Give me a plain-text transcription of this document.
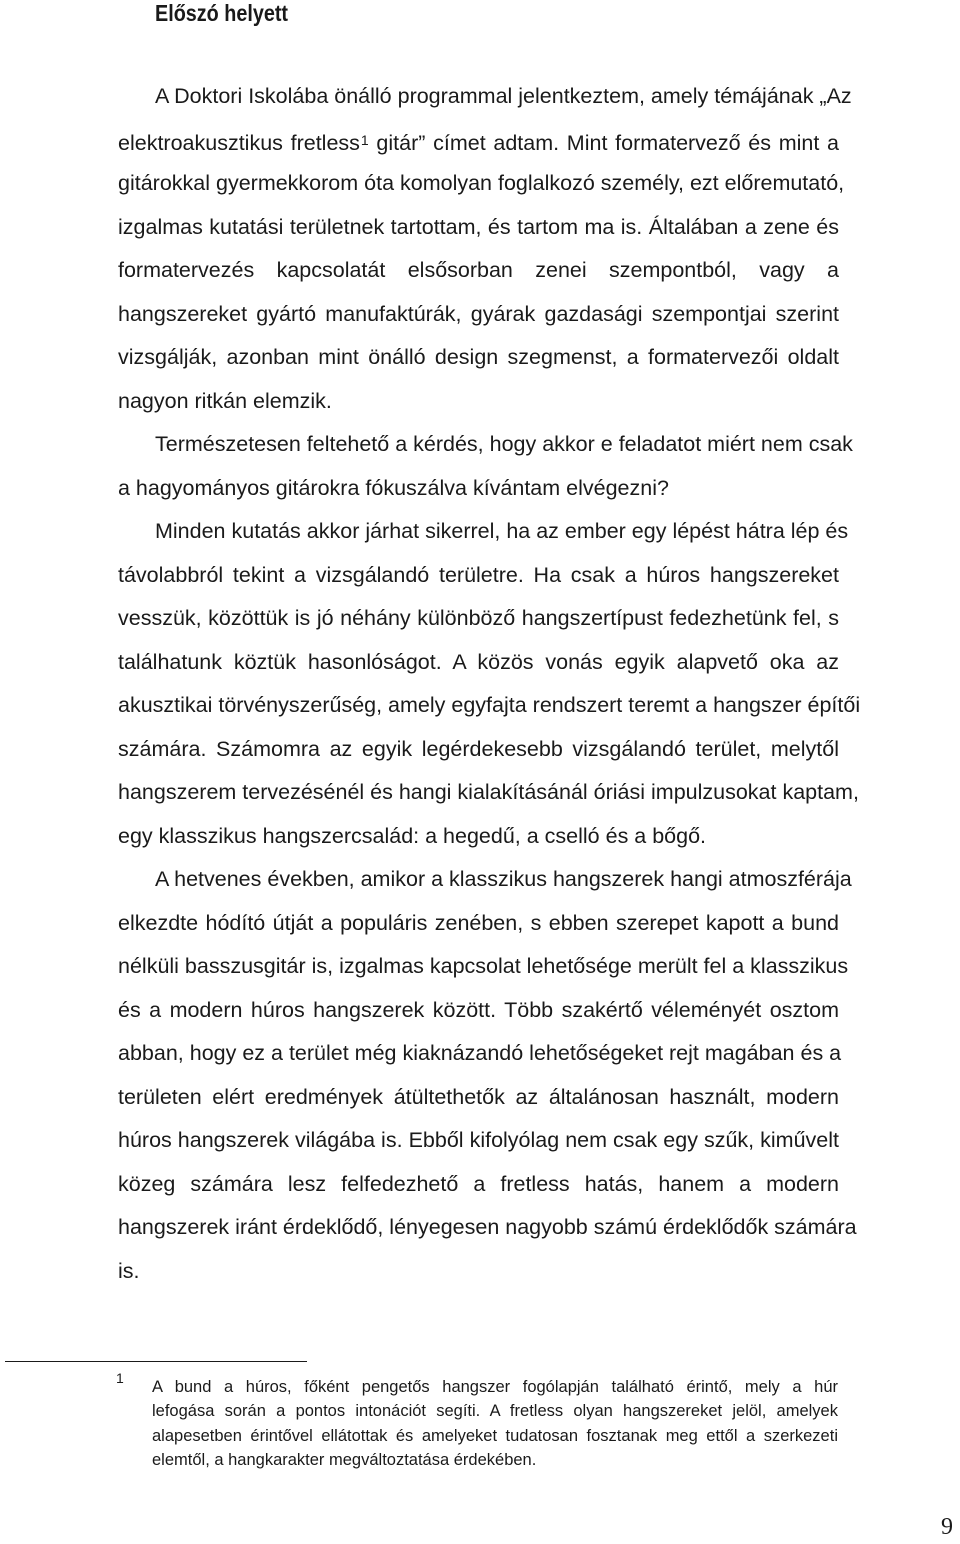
Előszó helyett
A Doktori Iskolába önálló programmal jelentkeztem, amely témájának „Az
elektroakusztikus fretless$^1$ gitár” címet adtam. Mint formatervező és mint a
gitárokkal gyermekkorom óta komolyan foglalkozó személy, ezt előremutató,
izgalmas kutatási területnek tartottam, és tartom ma is. Általában a zene és
formatervezés kapcsolatát elsősorban zenei szempontból, vagy a
hangszereket gyártó manufaktúrák, gyárak gazdasági szempontjai szerint
vizsgálják, azonban mint önálló design szegmenst, a formatervezői oldalt
nagyon ritkán elemzik.
Természetesen feltehető a kérdés, hogy akkor e feladatot miért nem csak
a hagyományos gitárokra fókuszálva kívántam elvégezni?
Minden kutatás akkor járhat sikerrel, ha az ember egy lépést hátra lép és
távolabbról tekint a vizsgálandó területre. Ha csak a húros hangszereket
vesszük, közöttük is jó néhány különböző hangszertípust fedezhetünk fel, s
találhatunk köztük hasonlóságot. A közös vonás egyik alapvető oka az
akusztikai törvényszerűség, amely egyfajta rendszert teremt a hangszer építői
számára. Számomra az egyik legérdekesebb vizsgálandó terület, melytől
hangszerem tervezésénél és hangi kialakításánál óriási impulzusokat kaptam,
egy klasszikus hangszercsalád: a hegedű, a cselló és a bőgő.
A hetvenes években, amikor a klasszikus hangszerek hangi atmoszférája
elkezdte hódító útját a populáris zenében, s ebben szerepet kapott a bund
nélküli basszusgitár is, izgalmas kapcsolat lehetősége merült fel a klasszikus
és a modern húros hangszerek között. Több szakértő véleményét osztom
abban, hogy ez a terület még kiaknázandó lehetőségeket rejt magában és a
területen elért eredmények átültethetők az általánosan használt, modern
húros hangszerek világába is. Ebből kifolyólag nem csak egy szűk, kiművelt
közeg számára lesz felfedezhető a fretless hatás, hanem a modern
hangszerek iránt érdeklődő, lényegesen nagyobb számú érdeklődők számára
is.
1 A bund a húros, főként pengetős hangszer fogólapján található érintő, mely a húr
lefogása során a pontos intonációt segíti. A fretless olyan hangszereket jelöl, amelyek
alapesetben érintővel ellátottak és amelyeket tudatosan fosztanak meg ettől a szerkezeti
elemtől, a hangkarakter megváltoztatása érdekében.
9
